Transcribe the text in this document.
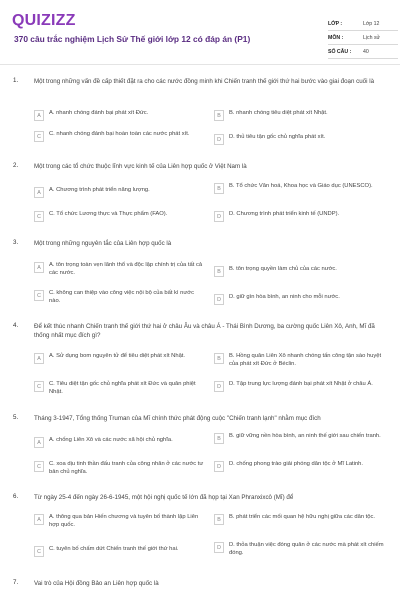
QUIZIZZ
370 câu trắc nghiệm Lịch Sử Thế giới lớp 12 có đáp án (P1)
LỚP :	Lớp 12
MÔN :	Lịch sử
SỐ CÂU :	40
1.	Một trong những vấn đề cấp thiết đặt ra cho các nước đồng minh khi Chiến tranh thế giới thứ hai bước vào giai đoạn cuối là
A	A. nhanh chóng đánh bại phát xít Đức.	B	B. nhanh chóng tiêu diệt phát xít Nhật.
C	C. nhanh chóng đánh bại hoàn toàn các nước phát xít.
D	D. thủ tiêu tận gốc chủ nghĩa phát xít.
2.	Một trong các tổ chức thuộc lĩnh vực kinh tế của Liên hợp quốc ở Việt Nam là
A	A. Chương trình phát triển năng lượng.	B	B. Tổ chức Văn hoá, Khoa học và Giáo dục (UNESCO).
C	C. Tổ chức Lương thực và Thực phẩm (FAO).	D	D. Chương trình phát triển kinh tế (UNDP).
3.	Một trong những nguyên tắc của Liên hợp quốc là
A	A. tôn trọng toàn vẹn lãnh thổ và độc lập chính trị của tất cả các nước.	B	B. tôn trọng quyền làm chủ của các nước.
C	C. không can thiệp vào công việc nội bộ của bất kì nước nào.	D	D. giữ gìn hòa bình, an ninh cho mỗi nước.
4.	Để kết thúc nhanh Chiến tranh thế giới thứ hai ở châu Âu và châu Á - Thái Bình Dương, ba cường quốc Liên Xô, Anh, Mĩ đã thống nhất mục đích gì?
A	A. Sử dụng bom nguyên tử để tiêu diệt phát xít Nhật.	B	B. Hồng quân Liên Xô nhanh chóng tấn công tận sào huyệt của phát xít Đức ở Béclin.
C	C. Tiêu diệt tận gốc chủ nghĩa phát xít Đức và quân phiệt Nhật.
D	D. Tập trung lực lượng đánh bại phát xít Nhật ở châu Á.
5.	Tháng 3-1947, Tổng thống Truman của Mĩ chính thức phát động cuộc "Chiến tranh lạnh" nhằm mục đích
A	A. chống Liên Xô và các nước xã hội chủ nghĩa.	B	B. giữ vững nền hòa bình, an ninh thế giới sau chiến tranh.
C	C. xoa dịu tinh thần đấu tranh của công nhân ở các nước tư bản chủ nghĩa.
D	D. chống phong trào giải phóng dân tộc ở Mĩ Latinh.
6.	Từ ngày 25-4 đến ngày 26-6-1945, một hội nghị quốc tế lớn đã họp tại Xan Phranxixcô (Mĩ) để
A	A. thông qua bản Hiến chương và tuyên bố thành lập Liên hợp quốc.
B	B. phát triển các mối quan hệ hữu nghị giữa các dân tộc.
C	C. tuyên bố chấm dứt Chiến tranh thế giới thứ hai.	D	D. thỏa thuận việc đóng quân ở các nước mà phát xít chiếm đóng.
7.	Vai trò của Hội đồng Bảo an Liên hợp quốc là
